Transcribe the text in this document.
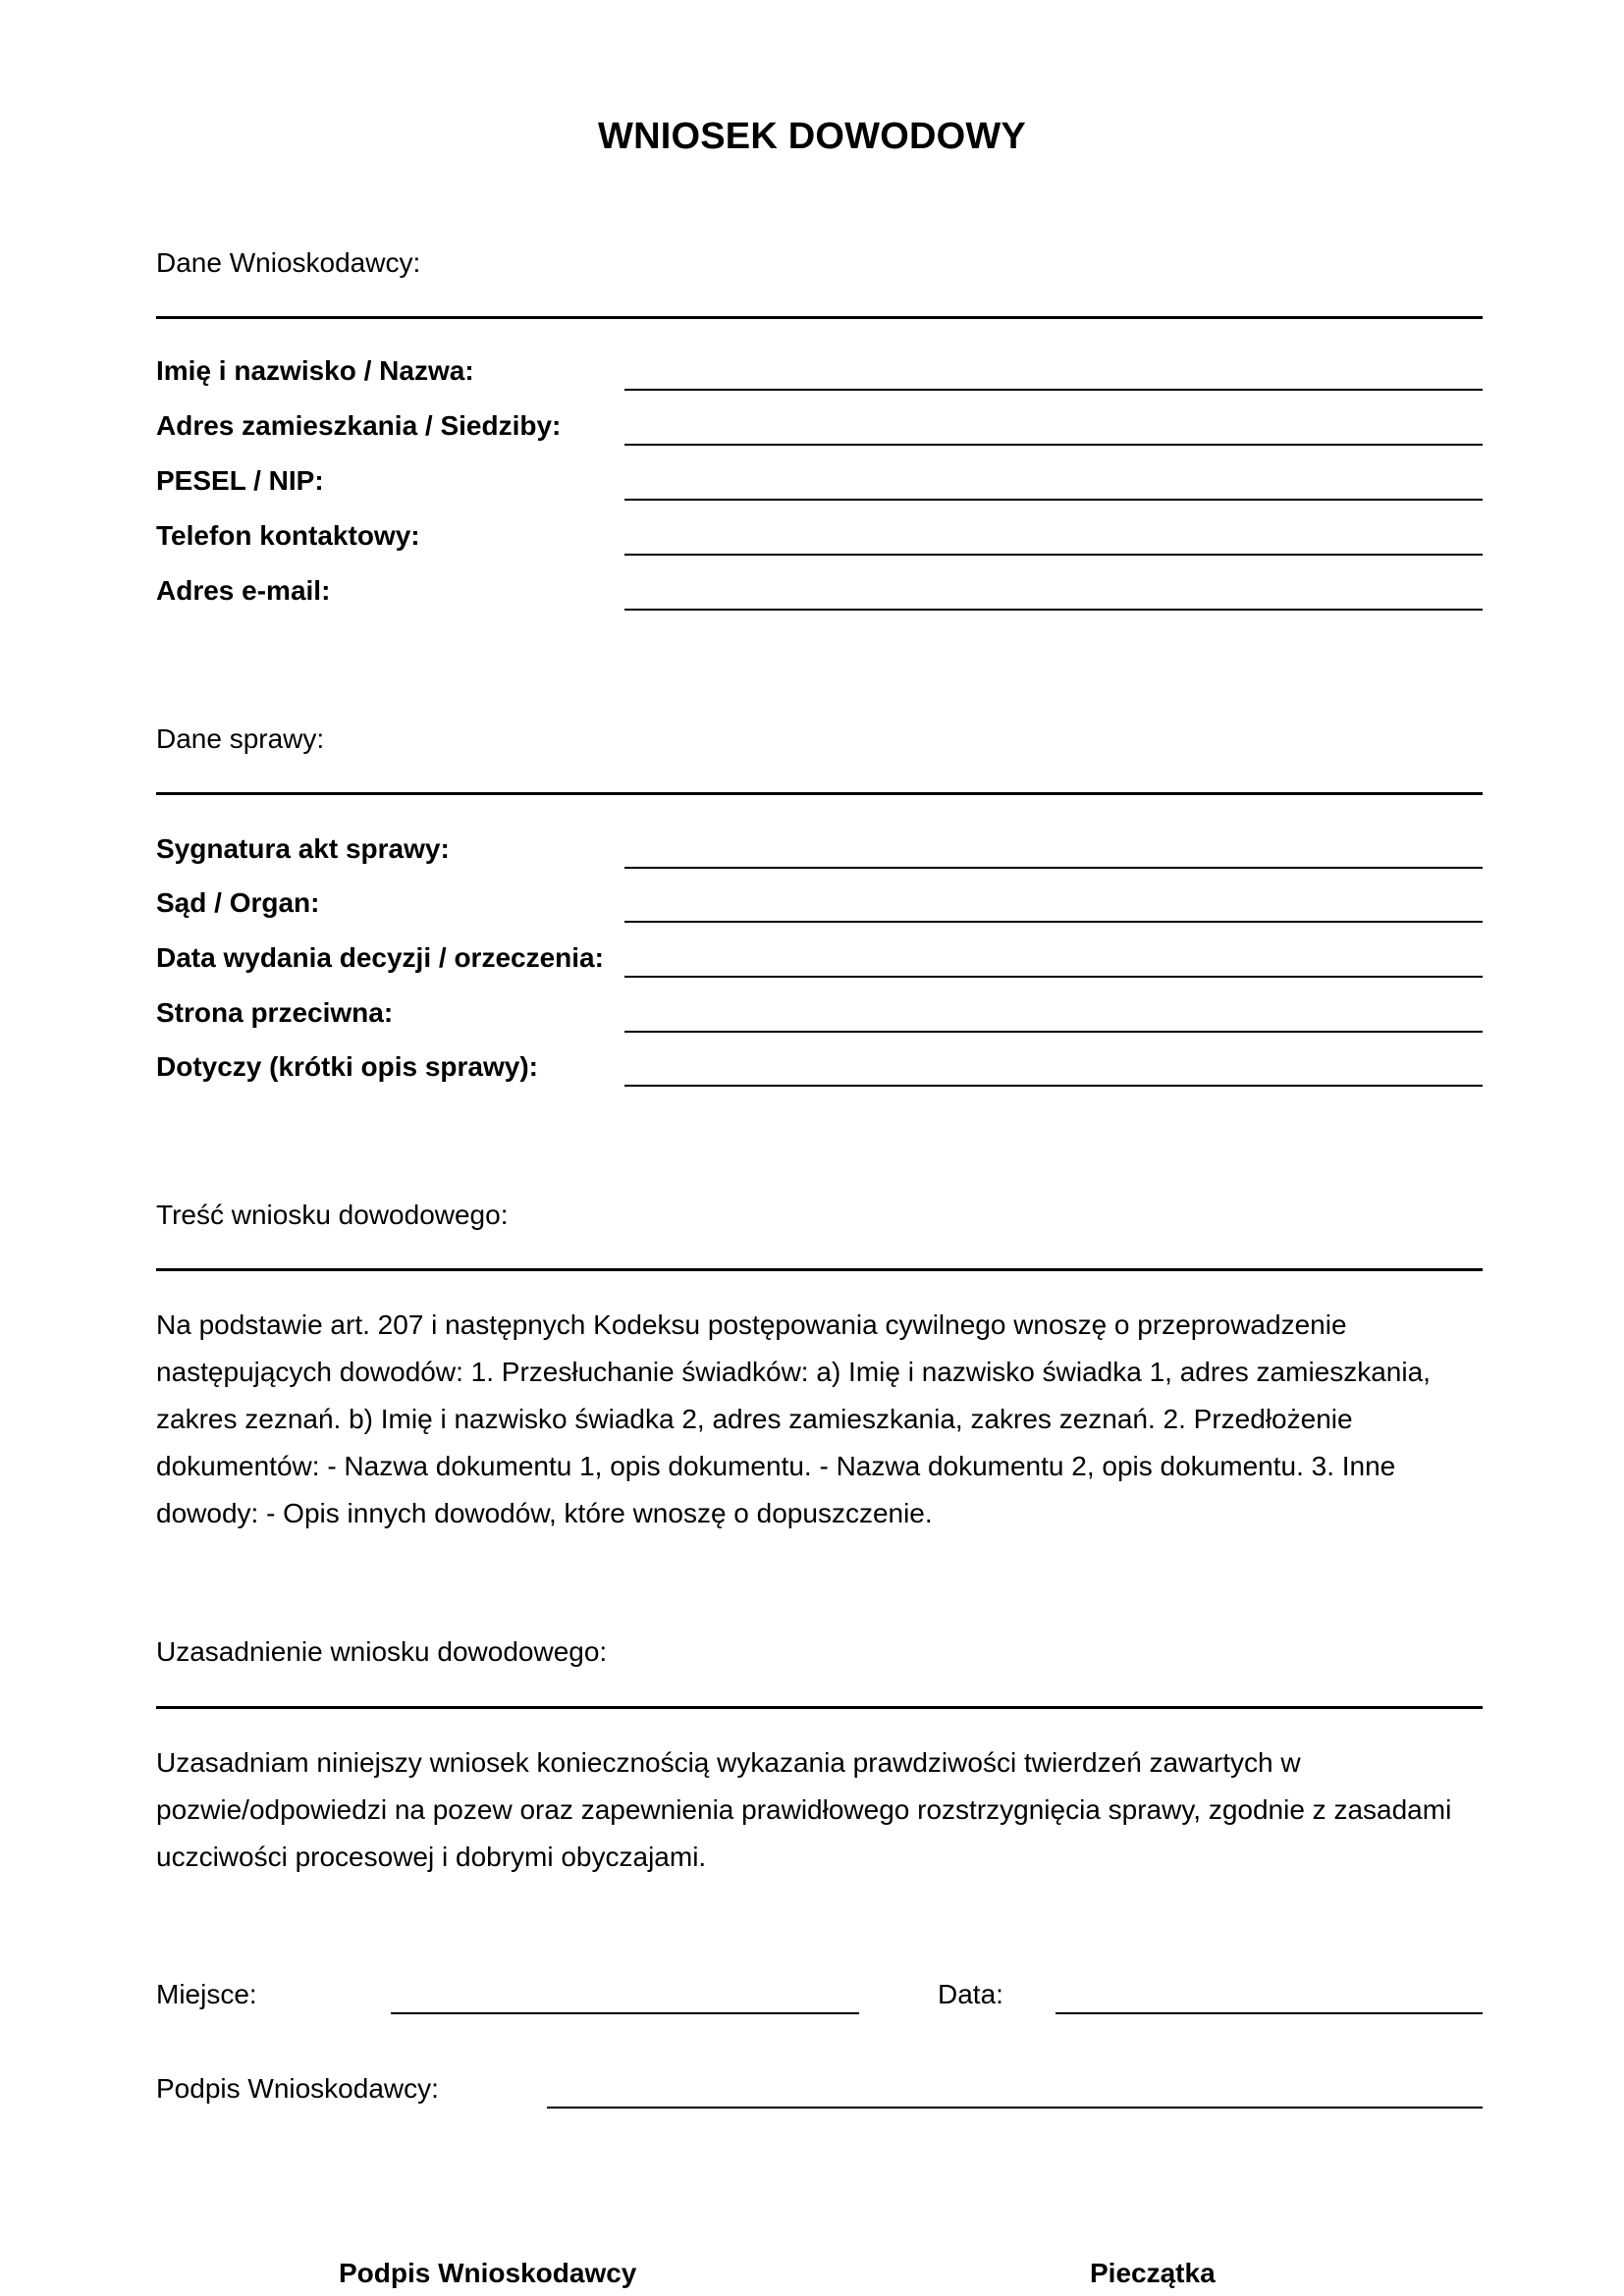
WNIOSEK DOWODOWY
Dane Wnioskodawcy:
Imię i nazwisko / Nazwa:
Adres zamieszkania / Siedziby:
PESEL / NIP:
Telefon kontaktowy:
Adres e-mail:
Dane sprawy:
Sygnatura akt sprawy:
Sąd / Organ:
Data wydania decyzji / orzeczenia:
Strona przeciwna:
Dotyczy (krótki opis sprawy):
Treść wniosku dowodowego:
Na podstawie art. 207 i następnych Kodeksu postępowania cywilnego wnoszę o przeprowadzenie następujących dowodów: 1. Przesłuchanie świadków: a) Imię i nazwisko świadka 1, adres zamieszkania, zakres zeznań. b) Imię i nazwisko świadka 2, adres zamieszkania, zakres zeznań. 2. Przedłożenie dokumentów: - Nazwa dokumentu 1, opis dokumentu. - Nazwa dokumentu 2, opis dokumentu. 3. Inne dowody: - Opis innych dowodów, które wnoszę o dopuszczenie.
Uzasadnienie wniosku dowodowego:
Uzasadniam niniejszy wniosek koniecznością wykazania prawdziwości twierdzeń zawartych w pozwie/odpowiedzi na pozew oraz zapewnienia prawidłowego rozstrzygnięcia sprawy, zgodnie z zasadami uczciwości procesowej i dobrymi obyczajami.
Miejsce:	Data:
Podpis Wnioskodawcy:
Podpis Wnioskodawcy	Pieczątka
